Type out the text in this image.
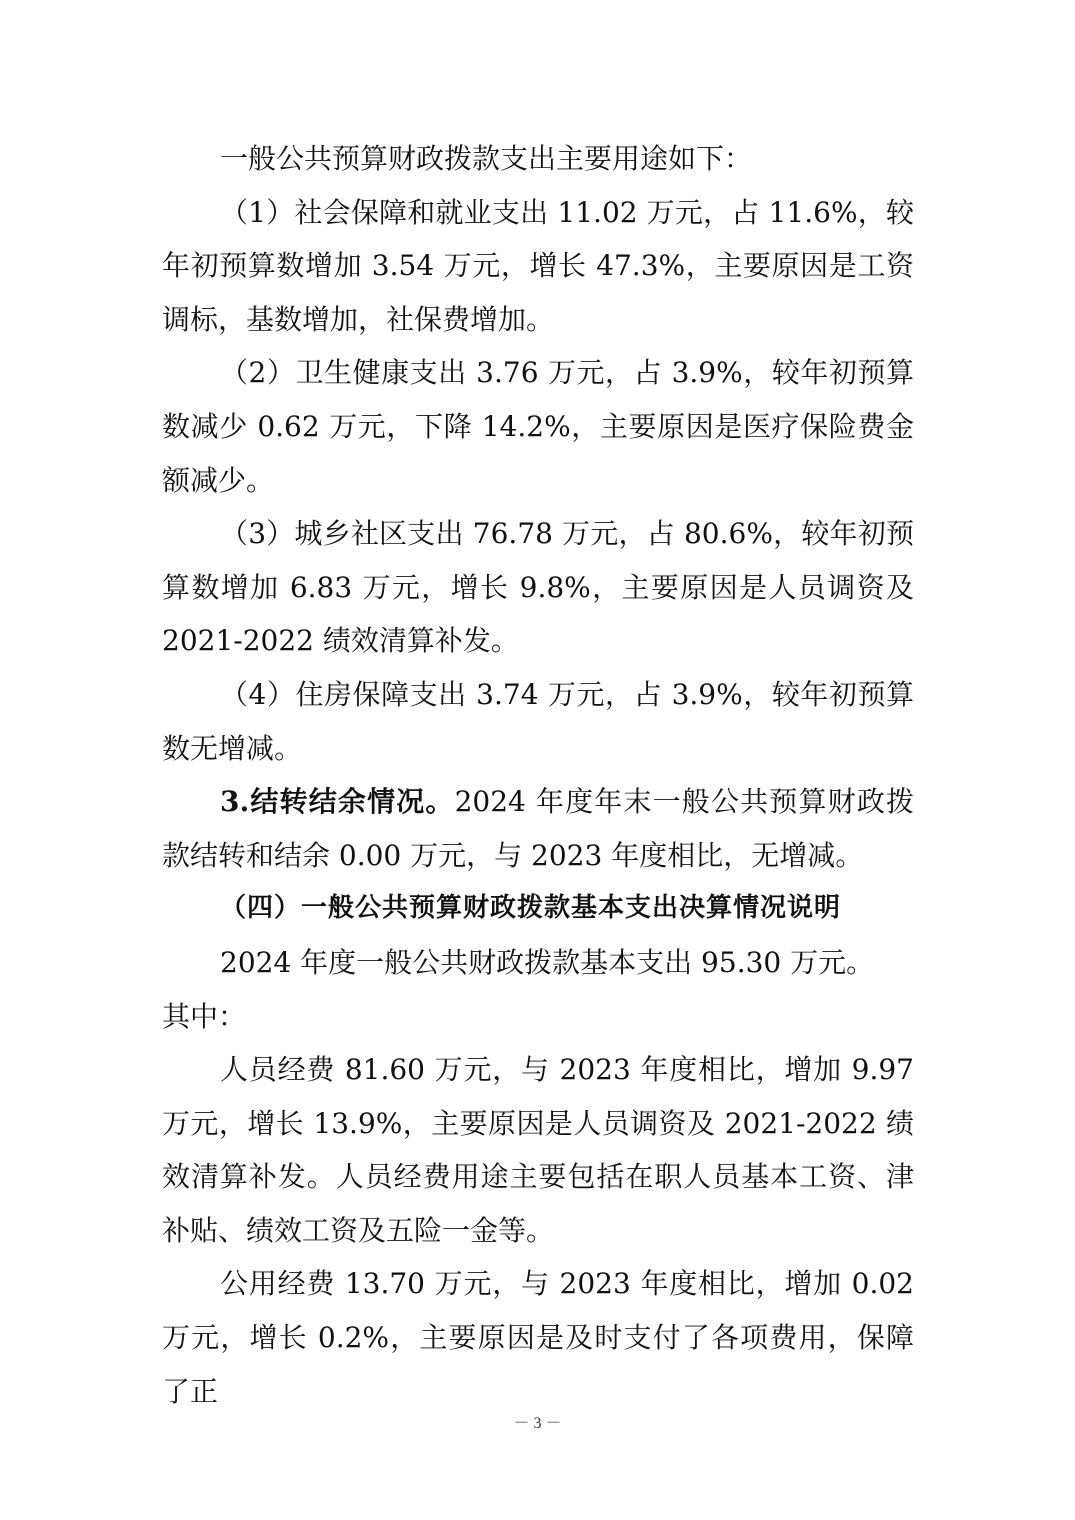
一般公共预算财政拨款支出主要用途如下：

（1）社会保障和就业支出 11.02 万元，占 11.6%，较年初预算数增加 3.54 万元，增长 47.3%，主要原因是工资调标，基数增加，社保费增加。

（2）卫生健康支出 3.76 万元，占 3.9%，较年初预算数减少 0.62 万元，下降 14.2%，主要原因是医疗保险费金额减少。

（3）城乡社区支出 76.78 万元，占 80.6%，较年初预算数增加 6.83 万元，增长 9.8%，主要原因是人员调资及 2021-2022 绩效清算补发。

（4）住房保障支出 3.74 万元，占 3.9%，较年初预算数无增减。

3.结转结余情况。2024 年度年末一般公共预算财政拨款结转和结余 0.00 万元，与 2023 年度相比，无增减。

（四）一般公共预算财政拨款基本支出决算情况说明

2024 年度一般公共财政拨款基本支出 95.30 万元。

其中：

人员经费 81.60 万元，与 2023 年度相比，增加 9.97 万元，增长 13.9%，主要原因是人员调资及 2021-2022 绩效清算补发。人员经费用途主要包括在职人员基本工资、津补贴、绩效工资及五险一金等。

公用经费 13.70 万元，与 2023 年度相比，增加 0.02 万元，增长 0.2%，主要原因是及时支付了各项费用，保障了正

－ 3 －
